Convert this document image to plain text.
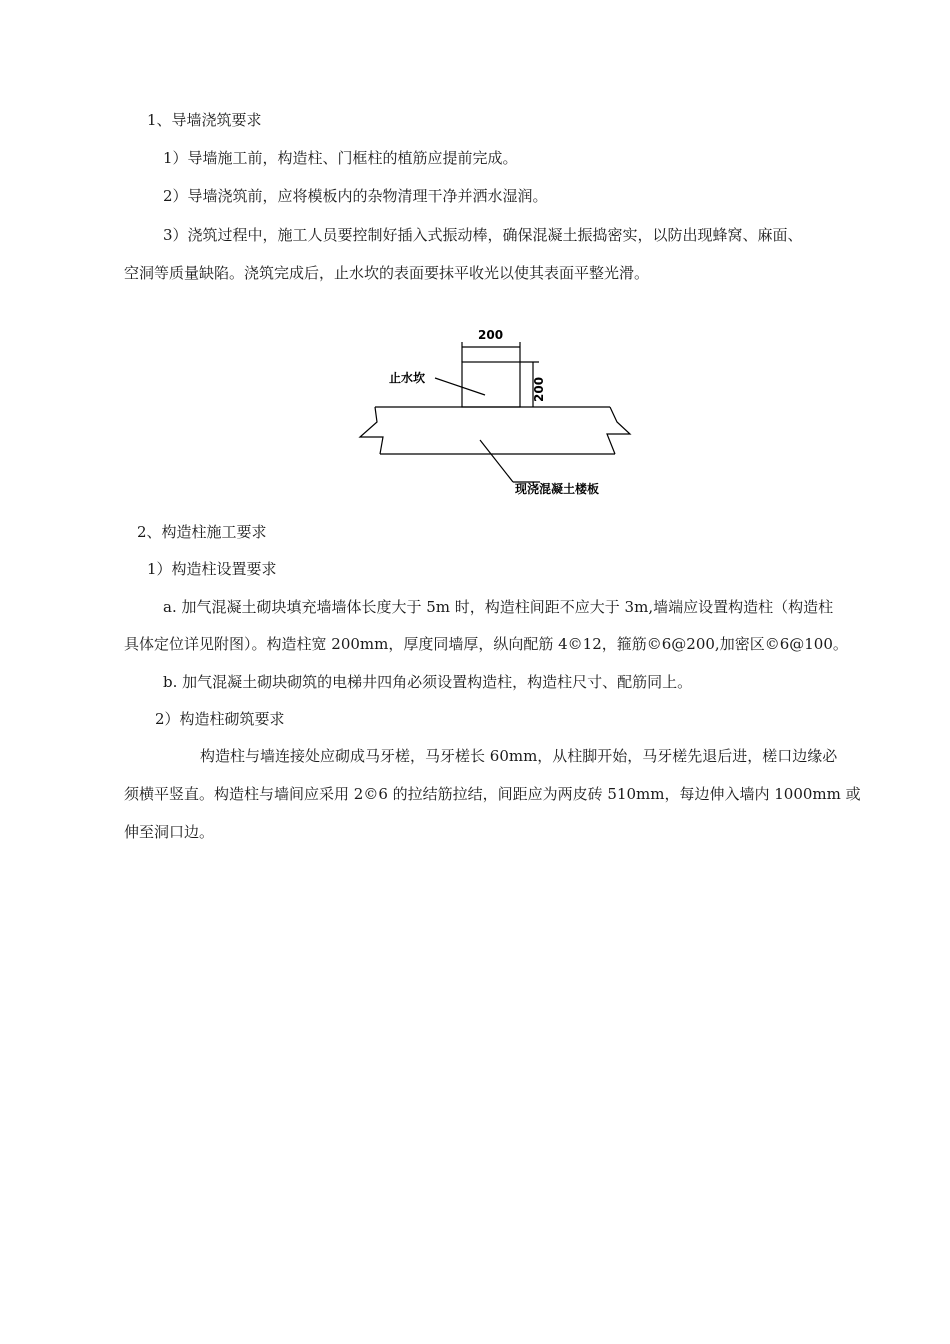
1、导墙浇筑要求
1）导墙施工前，构造柱、门框柱的植筋应提前完成。
2）导墙浇筑前，应将模板内的杂物清理干净并洒水湿润。
3）浇筑过程中，施工人员要控制好插入式振动棒，确保混凝土振捣密实，以防出现蜂窝、麻面、
空洞等质量缺陷。浇筑完成后，止水坎的表面要抹平收光以使其表面平整光滑。
200
200
止水坎
现浇混凝土楼板
2、构造柱施工要求
1）构造柱设置要求
a. 加气混凝土砌块填充墙墙体长度大于 5m 时，构造柱间距不应大于 3m,墙端应设置构造柱（构造柱
具体定位详见附图）。构造柱宽 200mm，厚度同墙厚，纵向配筋 4©12，箍筋©6@200,加密区©6@100。
b. 加气混凝土砌块砌筑的电梯井四角必须设置构造柱，构造柱尺寸、配筋同上。
2）构造柱砌筑要求
构造柱与墙连接处应砌成马牙槎，马牙槎长 60mm，从柱脚开始，马牙槎先退后进，槎口边缘必
须横平竖直。构造柱与墙间应采用 2©6 的拉结筋拉结，间距应为两皮砖 510mm，每边伸入墙内 1000mm 或
伸至洞口边。
